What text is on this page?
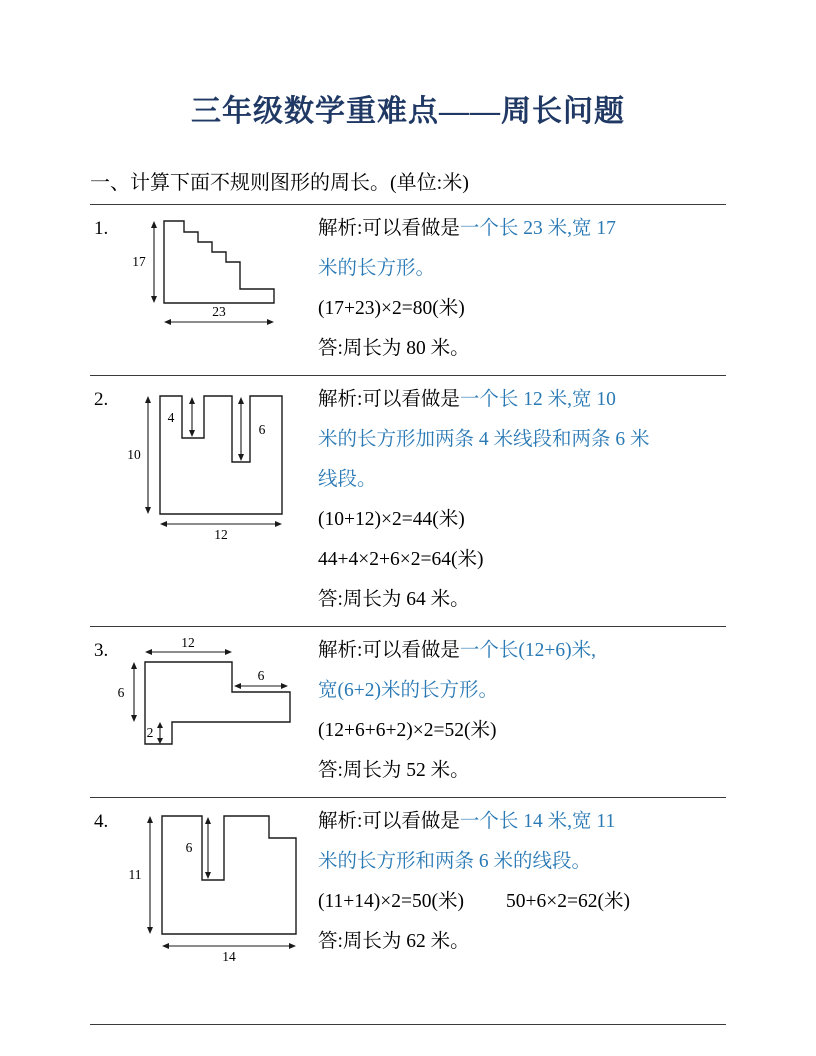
三年级数学重难点——周长问题
一、计算下面不规则图形的周长。(单位:米)
1.
17
23
解析:可以看做是一个长 23 米,宽 17
米的长方形。
(17+23)×2=80(米)
答:周长为 80 米。
2.
4
6
10
12
解析:可以看做是一个长 12 米,宽 10
米的长方形加两条 4 米线段和两条 6 米
线段。
(10+12)×2=44(米)
44+4×2+6×2=64(米)
答:周长为 64 米。
3.	12
6
6
2
解析:可以看做是一个长(12+6)米,
宽(6+2)米的长方形。
(12+6+6+2)×2=52(米)
答:周长为 52 米。
4.
6
11
14
解析:可以看做是一个长 14 米,宽 11
米的长方形和两条 6 米的线段。
(11+14)×2=50(米) 50+6×2=62(米)
答:周长为 62 米。
